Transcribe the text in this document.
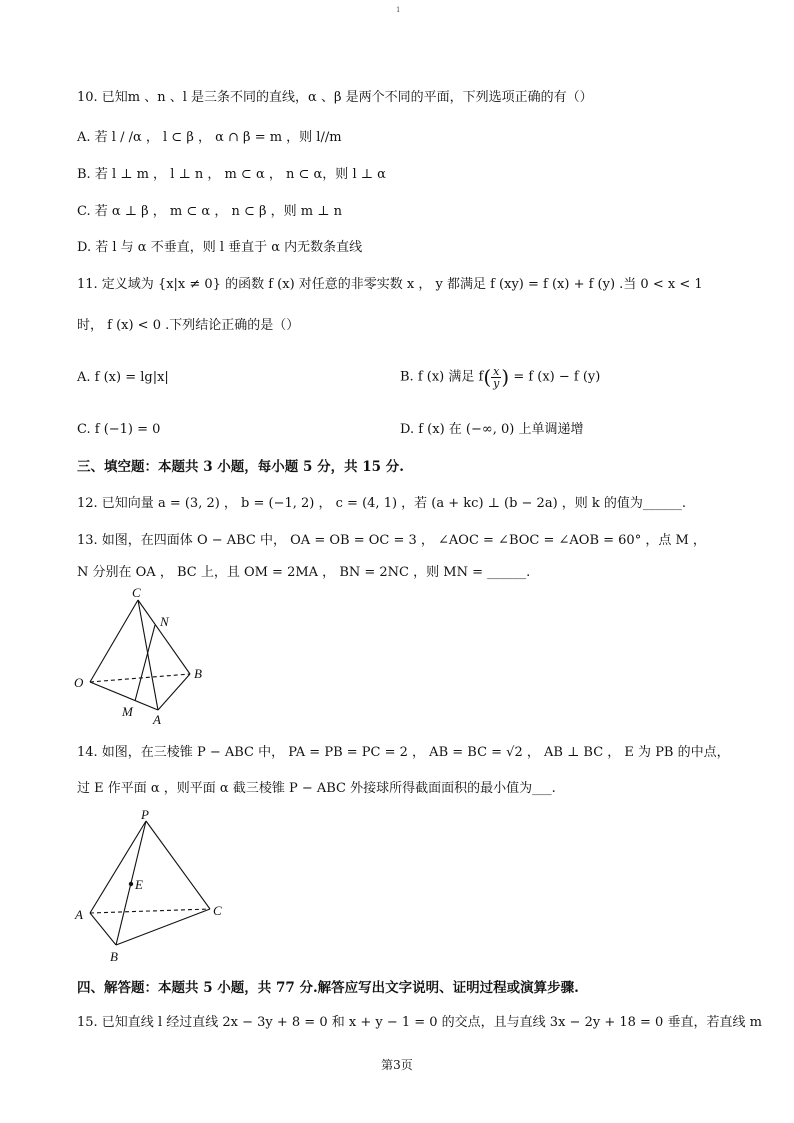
1
10. 已知m 、n 、l 是三条不同的直线，α 、β 是两个不同的平面，下列选项正确的有（）
A. 若 l / /α ， l ⊂ β ， α ∩ β = m ，则 l//m
B. 若 l ⊥ m ， l ⊥ n ， m ⊂ α ， n ⊂ α，则 l ⊥ α
C. 若 α ⊥ β ， m ⊂ α ， n ⊂ β ，则 m ⊥ n
D. 若 l 与 α 不垂直，则 l 垂直于 α 内无数条直线
11. 定义域为 {x|x ≠ 0} 的函数 f (x) 对任意的非零实数 x ， y 都满足 f (xy) = f (x) + f (y) .当 0 < x < 1
时， f (x) < 0 .下列结论正确的是（）
A. f (x) = lg|x|	B. f (x) 满足 $f( \frac{x}{y}$ ) = f (x) − f (y)
C. f (−1) = 0	D. f (x) 在 (−∞, 0) 上单调递增
三、填空题：本题共 3 小题，每小题 5 分，共 15 分.
12. 已知向量 a = (3, 2) ， b = (−1, 2) ， c = (4, 1) ，若 (a + kc) ⊥ (b − 2a) ，则 k 的值为______.
13. 如图，在四面体 O − ABC 中， OA = OB = OC = 3 ， ∠AOC = ∠BOC = ∠AOB = 60° ，点 M ，
N 分别在 OA ， BC 上，且 OM = 2MA ， BN = 2NC ，则 MN = ______.
C
N
O
B
M
A
14. 如图，在三棱锥 P − ABC 中， PA = PB = PC = 2 ， AB = BC = √2 ， AB ⊥ BC ， E 为 PB 的中点，
过 E 作平面 α ，则平面 α 截三棱锥 P − ABC 外接球所得截面面积的最小值为___.
P
E
A	C
B
四、解答题：本题共 5 小题，共 77 分.解答应写出文字说明、证明过程或演算步骤.
15. 已知直线 l 经过直线 2x − 3y + 8 = 0 和 x + y − 1 = 0 的交点，且与直线 3x − 2y + 18 = 0 垂直，若直线 m
第3页
